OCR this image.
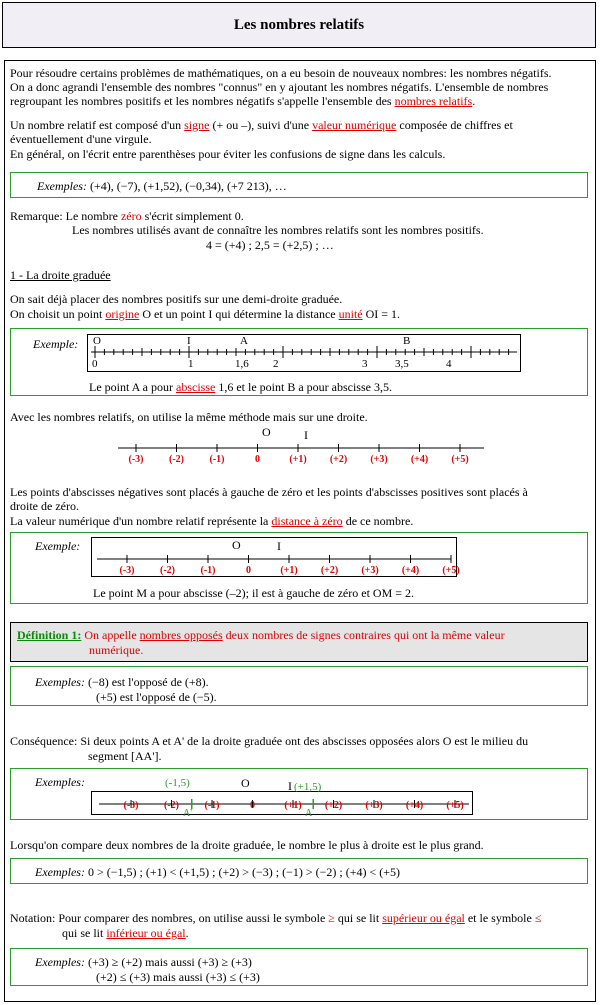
Les nombres relatifs
Pour résoudre certains problèmes de mathématiques, on a eu besoin de nouveaux nombres: les nombres négatifs.
On a donc agrandi l'ensemble des nombres "connus" en y ajoutant les nombres négatifs. L'ensemble de nombres
regroupant les nombres positifs et les nombres négatifs s'appelle l'ensemble des nombres relatifs.
Un nombre relatif est composé d'un signe (+ ou –), suivi d'une valeur numérique composée de chiffres et
éventuellement d'une virgule.
En général, on l'écrit entre parenthèses pour éviter les confusions de signe dans les calculs.
Exemples: (+4), (−7), (+1,52), (−0,34), (+7 213), …
Remarque: Le nombre zéro s'écrit simplement 0.
Les nombres utilisés avant de connaître les nombres relatifs sont les nombres positifs.
4 = (+4) ; 2,5 = (+2,5) ; …
1 - La droite graduée
On sait déjà placer des nombres positifs sur une demi-droite graduée.
On choisit un point origine O et un point I qui détermine la distance unité OI = 1.
Exemple: O	I	A	B
0	1	1,6 2	3	3,5	4
Le point A a pour abscisse 1,6 et le point B a pour abscisse 3,5.
Avec les nombres relatifs, on utilise la même méthode mais sur une droite.
(-3)	(-2)	(-1)	0	(+1) (+2) (+3) (+4) (+5)
O	I
Les points d'abscisses négatives sont placés à gauche de zéro et les points d'abscisses positives sont placés à
droite de zéro.
La valeur numérique d'un nombre relatif représente la distance à zéro de ce nombre.
Exemple:
(-3)	(-2)	(-1)	0	(+1) (+2) (+3) (+4) (+5)
O	I
Le point M a pour abscisse (–2); il est à gauche de zéro et OM = 2.
Définition 1: On appelle nombres opposés deux nombres de signes contraires qui ont la même valeur
numérique.
Exemples: (−8) est l'opposé de (+8).
(+5) est l'opposé de (−5).
Conséquence: Si deux points A et A' de la droite graduée ont des abscisses opposées alors O est le milieu du
segment [AA'].
Exemples:
(-3)	(-2)	(-1)	0	(+1) (+2) (+3) (+4) (+5)
O	I
(-1,5)	(+1,5)
A'	A
Lorsqu'on compare deux nombres de la droite graduée, le nombre le plus à droite est le plus grand.
Exemples: 0 > (−1,5) ; (+1) < (+1,5) ; (+2) > (−3) ; (−1) > (−2) ; (+4) < (+5)
Notation: Pour comparer des nombres, on utilise aussi le symbole ≥ qui se lit supérieur ou égal et le symbole ≤
qui se lit inférieur ou égal.
Exemples: (+3) ≥ (+2) mais aussi (+3) ≥ (+3)
(+2) ≤ (+3) mais aussi (+3) ≤ (+3)
